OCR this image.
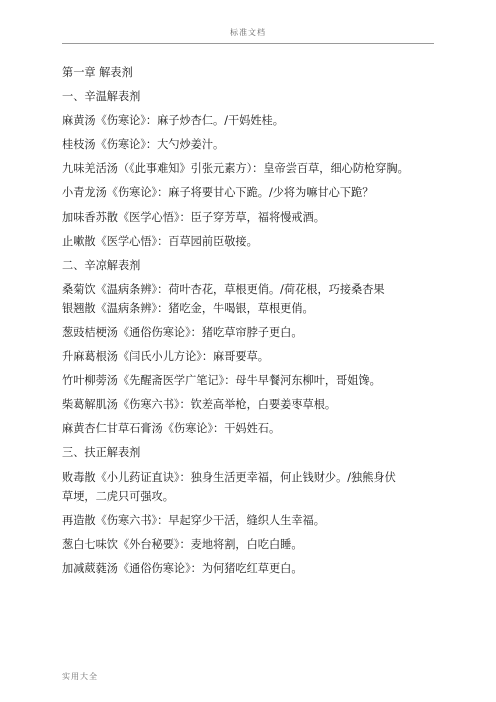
标准文档
第一章 解表剂
一、辛温解表剂
麻黄汤《伤寒论》：麻子炒杏仁。/干妈姓桂。
桂枝汤《伤寒论》：大勺炒姜汁。
九味羌活汤（《此事难知》引张元素方）：皇帝尝百草，细心防枪穿胸。
小青龙汤《伤寒论》：麻子将要甘心下跪。/少将为嘛甘心下跪？
加味香苏散《医学心悟》：臣子穿芳草，福将慢戒酒。
止嗽散《医学心悟》：百草园前臣敬接。
二、辛凉解表剂
桑菊饮《温病条辨》：荷叶杏花，草根更俏。/荷花根，巧接桑杏果
银翘散《温病条辨》：猪吃金，牛喝银，草根更俏。
葱豉桔梗汤《通俗伤寒论》：猪吃草帘脖子更白。
升麻葛根汤《闫氏小儿方论》：麻哥要草。
竹叶柳蒡汤《先醒斋医学广笔记》：母牛早餐河东柳叶，哥姐馋。
柴葛解肌汤《伤寒六书》：钦差高举枪，白要姜枣草根。
麻黄杏仁甘草石膏汤《伤寒论》：干妈姓石。
三、扶正解表剂
败毒散《小儿药证直诀》：独身生活更幸福，何止钱财少。/独熊身伏
草埂，二虎只可强攻。
再造散《伤寒六书》：早起穿少干活，缝织人生幸福。
葱白七味饮《外台秘要》：麦地将割，白吃白睡。
加减葳蕤汤《通俗伤寒论》：为何猪吃红草更白。
实用大全
